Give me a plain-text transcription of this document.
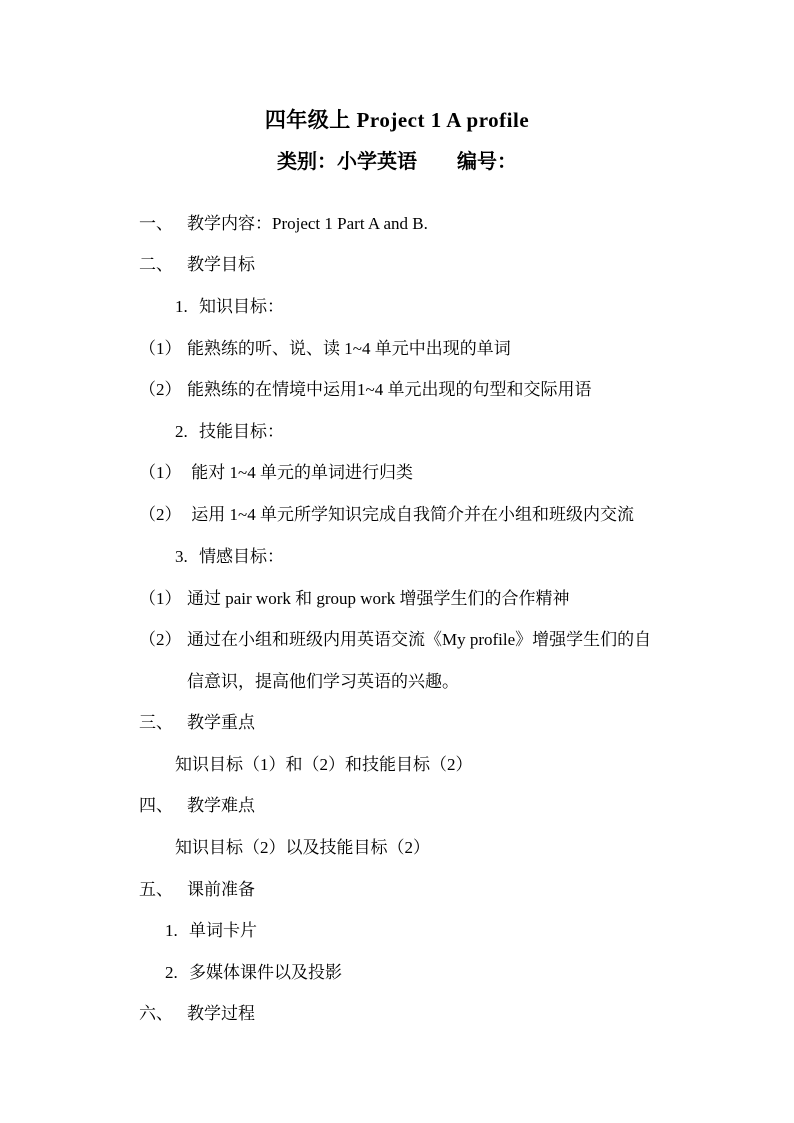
四年级上 Project 1 A profile
类别：小学英语        编号：

一、 教学内容：Project 1 Part A and B.

二、 教学目标

1. 知识目标：

（1） 能熟练的听、说、读 1~4 单元中出现的单词

（2） 能熟练的在情境中运用1~4 单元出现的句型和交际用语

2. 技能目标：

（1） 能对 1~4 单元的单词进行归类

（2） 运用 1~4 单元所学知识完成自我简介并在小组和班级内交流

3. 情感目标：

（1） 通过 pair work 和 group work 增强学生们的合作精神

（2） 通过在小组和班级内用英语交流《My profile》增强学生们的自

信意识，提高他们学习英语的兴趣。

三、 教学重点

知识目标（1）和（2）和技能目标（2）

四、 教学难点

知识目标（2）以及技能目标（2）

五、 课前准备

1. 单词卡片

2. 多媒体课件以及投影

六、 教学过程
